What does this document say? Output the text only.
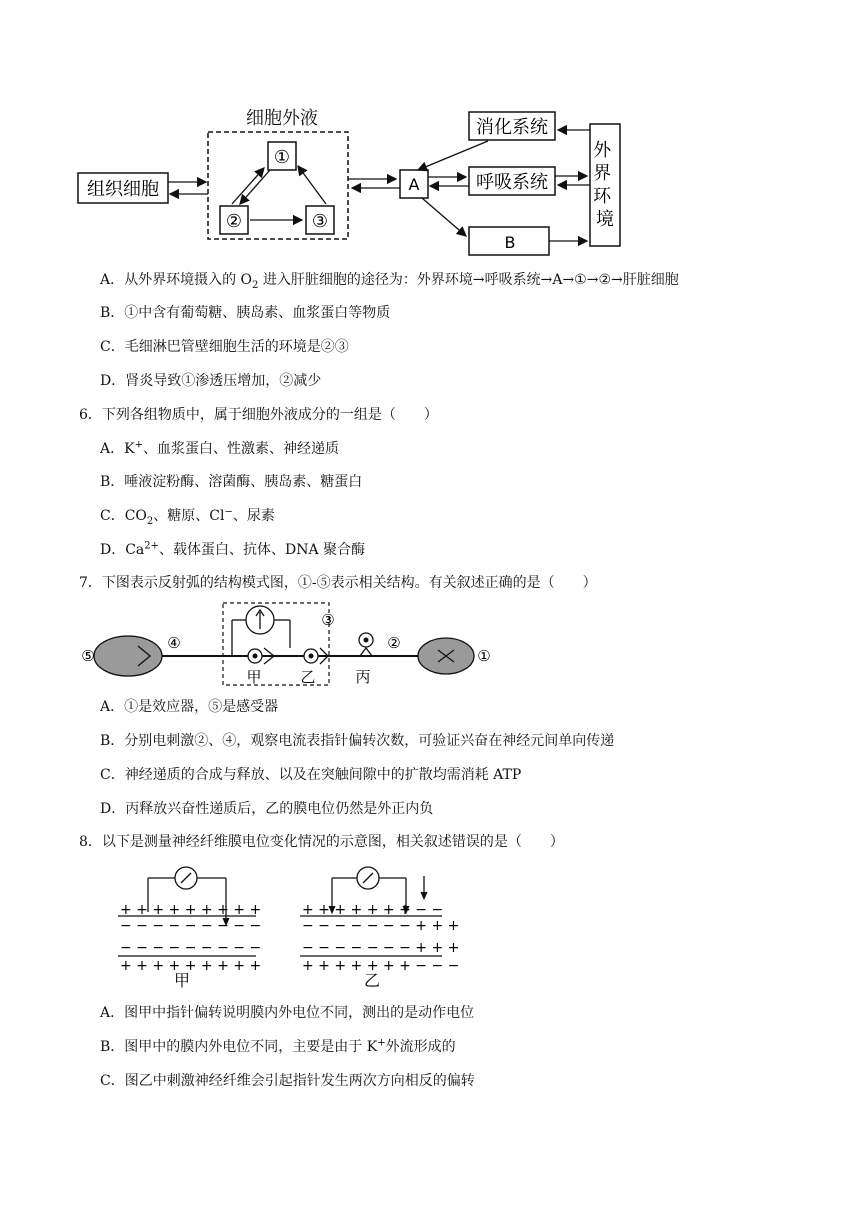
细胞外液
组织细胞
①
②	③
A
消化系统
呼吸系统
B
外 界 环 境
A．从外界环境摄入的 $O_2$ 进入肝脏细胞的途径为：外界环境→呼吸系统→A→①→②→肝脏细胞
B．①中含有葡萄糖、胰岛素、血浆蛋白等物质
C．毛细淋巴管壁细胞生活的环境是②③
D．肾炎导致①渗透压增加，②减少
6．下列各组物质中，属于细胞外液成分的一组是（　　）
A．K+、血浆蛋白、性激素、神经递质
B．唾液淀粉酶、溶菌酶、胰岛素、糖蛋白
C．$CO_2$、糖原、Cl−、尿素
D．$Ca^{2+}$、载体蛋白、抗体、DNA 聚合酶
7．下图表示反射弧的结构模式图，①-⑤表示相关结构。有关叙述正确的是（　　）
⑤
④
③
甲	乙	丙
②
①
A．①是效应器，⑤是感受器
B．分别电刺激②、④，观察电流表指针偏转次数，可验证兴奋在神经元间单向传递
C．神经递质的合成与释放、以及在突触间隙中的扩散均需消耗 ATP
D．丙释放兴奋性递质后，乙的膜电位仍然是外正内负
8．以下是测量神经纤维膜电位变化情况的示意图，相关叙述错误的是（　　）
+ + + + + + + + +
− − − − − − − − −
− − − − − − − − −
+ + + + + + + + +
甲
+ + + + + + + − −
− − − − − − − + + +
− − − − − − − + + +
+ + + + + + + − − −
乙
A．图甲中指针偏转说明膜内外电位不同，测出的是动作电位
B．图甲中的膜内外电位不同，主要是由于 K+外流形成的
C．图乙中刺激神经纤维会引起指针发生两次方向相反的偏转
